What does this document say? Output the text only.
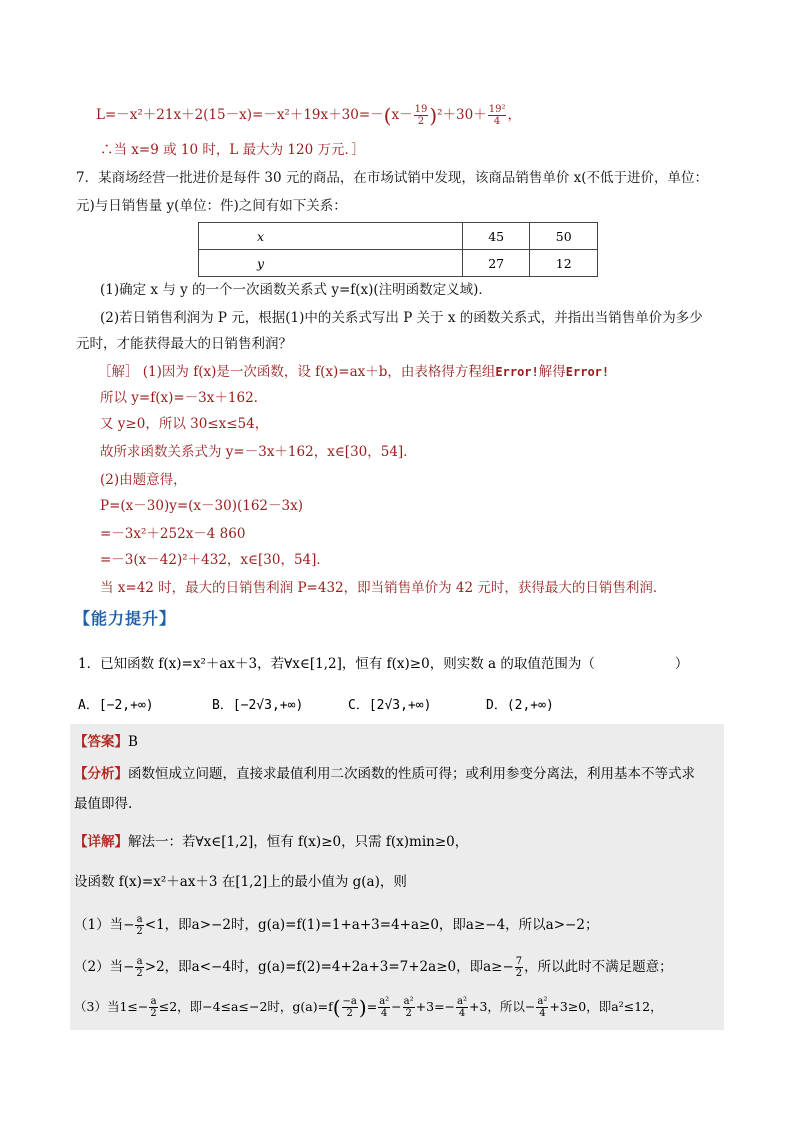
$L=-x^2+21x+2(15-x)=-x^2+19x+30=-(x- \frac{19}{2} )^2+30+ \frac{\text{19²}}{4}$ ，
∴当 x=9 或 10 时，L 最大为 120 万元．］
7．某商场经营一批进价是每件 30 元的商品，在市场试销中发现，该商品销售单价 x(不低于进价，单位：
元)与日销售量 y(单位：件)之间有如下关系：
x	45	50
y	27	12
(1)确定 x 与 y 的一个一次函数关系式 y=f(x)(注明函数定义域)．
(2)若日销售利润为 P 元，根据(1)中的关系式写出 P 关于 x 的函数关系式，并指出当销售单价为多少
元时，才能获得最大的日销售利润？
［解］ (1)因为 f(x)是一次函数，设 f(x)=ax＋b，由表格得方程组Error!解得Error!
所以 y=f(x)=－3x＋162.
又 y≥0，所以 30≤x≤54，
故所求函数关系式为 y=－3x＋162，x∈[30，54]．
(2)由题意得，
P=(x－30)y=(x－30)(162－3x)
=－3x²＋252x－4 860
=－3(x－42)²＋432，x∈[30，54]．
当 x=42 时，最大的日销售利润 P=432，即当销售单价为 42 元时，获得最大的日销售利润．
【能力提升】
1．已知函数 f(x)=x²＋ax＋3，若∀x∈[1,2]，恒有 f(x)≥0，则实数 a 的取值范围为（	）
A．[−2,+∞)	B．[−2√3,+∞)	C．[2√3,+∞)	D．(2,+∞)
【答案】B
【分析】函数恒成立问题，直接求最值利用二次函数的性质可得；或利用参变分离法，利用基本不等式求
最值即得.
【详解】解法一：若∀x∈[1,2]，恒有 f(x)≥0，只需 f(x)min≥0，
设函数 f(x)=x²＋ax＋3 在[1,2]上的最小值为 g(a)，则
（1）当− $\frac{a}{2} <1$，即a>−2时，g(a)=f(1)=1+a+3=4+a≥0，即a≥−4，所以a>−2；
（2）当− $\frac{a}{2} >2$，即a<−4时，g(a)=f(2)=4+2a+3=7+2a≥0，即$a\ge- \frac{7}{2}$ ，所以此时不满足题意；
（3）当$1\le- \frac{a}{2} \le 2$，即−4≤a≤−2时，$g(a)=f( \frac{-a}{2}$ )= $\frac{\text{a²}}{4} - \frac{\text{a²}}{2} +3=- \frac{\text{a²}}{4} +3$，所以− $\frac{\text{a²}}{4} +3\ge 0$，即a²≤12，
